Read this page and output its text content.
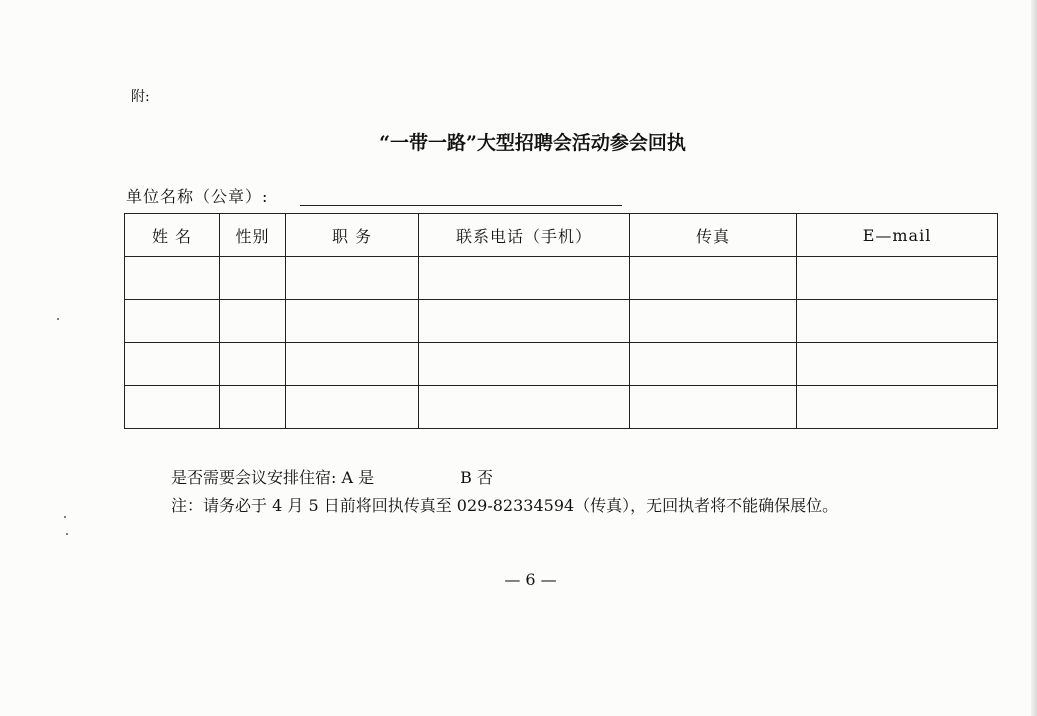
附:
“一带一路”大型招聘会活动参会回执
单位名称（公章）:
姓 名	性别	职 务	联系电话（手机）	传真	E—mail

是否需要会议安排住宿: A 是	B 否
注：请务必于 4 月 5 日前将回执传真至 029-82334594（传真），无回执者将不能确保展位。
— 6 —
